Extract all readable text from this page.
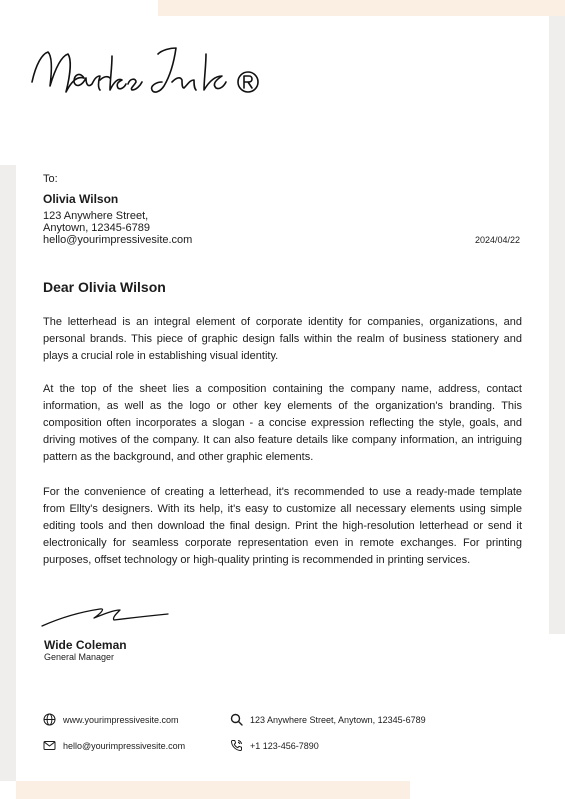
To:
Olivia Wilson
123 Anywhere Street,
Anytown, 12345-6789
hello@yourimpressivesite.com	2024/04/22
Dear Olivia Wilson

The letterhead is an integral element of corporate identity for companies, organizations, and personal brands. This piece of graphic design falls within the realm of business stationery and plays a crucial role in establishing visual identity.

At the top of the sheet lies a composition containing the company name, address, contact information, as well as the logo or other key elements of the organization's branding. This composition often incorporates a slogan - a concise expression reflecting the style, goals, and driving motives of the company. It can also feature details like company information, an intriguing pattern as the background, and other graphic elements.

For the convenience of creating a letterhead, it's recommended to use a ready-made template from Ellty's designers. With its help, it's easy to customize all necessary elements using simple editing tools and then download the final design. Print the high-resolution letterhead or send it electronically for seamless corporate representation even in remote exchanges. For printing purposes, offset technology or high-quality printing is recommended in printing services.

Wide Coleman
General Manager
www.yourimpressivesite.com	123 Anywhere Street, Anytown, 12345-6789
hello@yourimpressivesite.com	+1 123-456-7890
